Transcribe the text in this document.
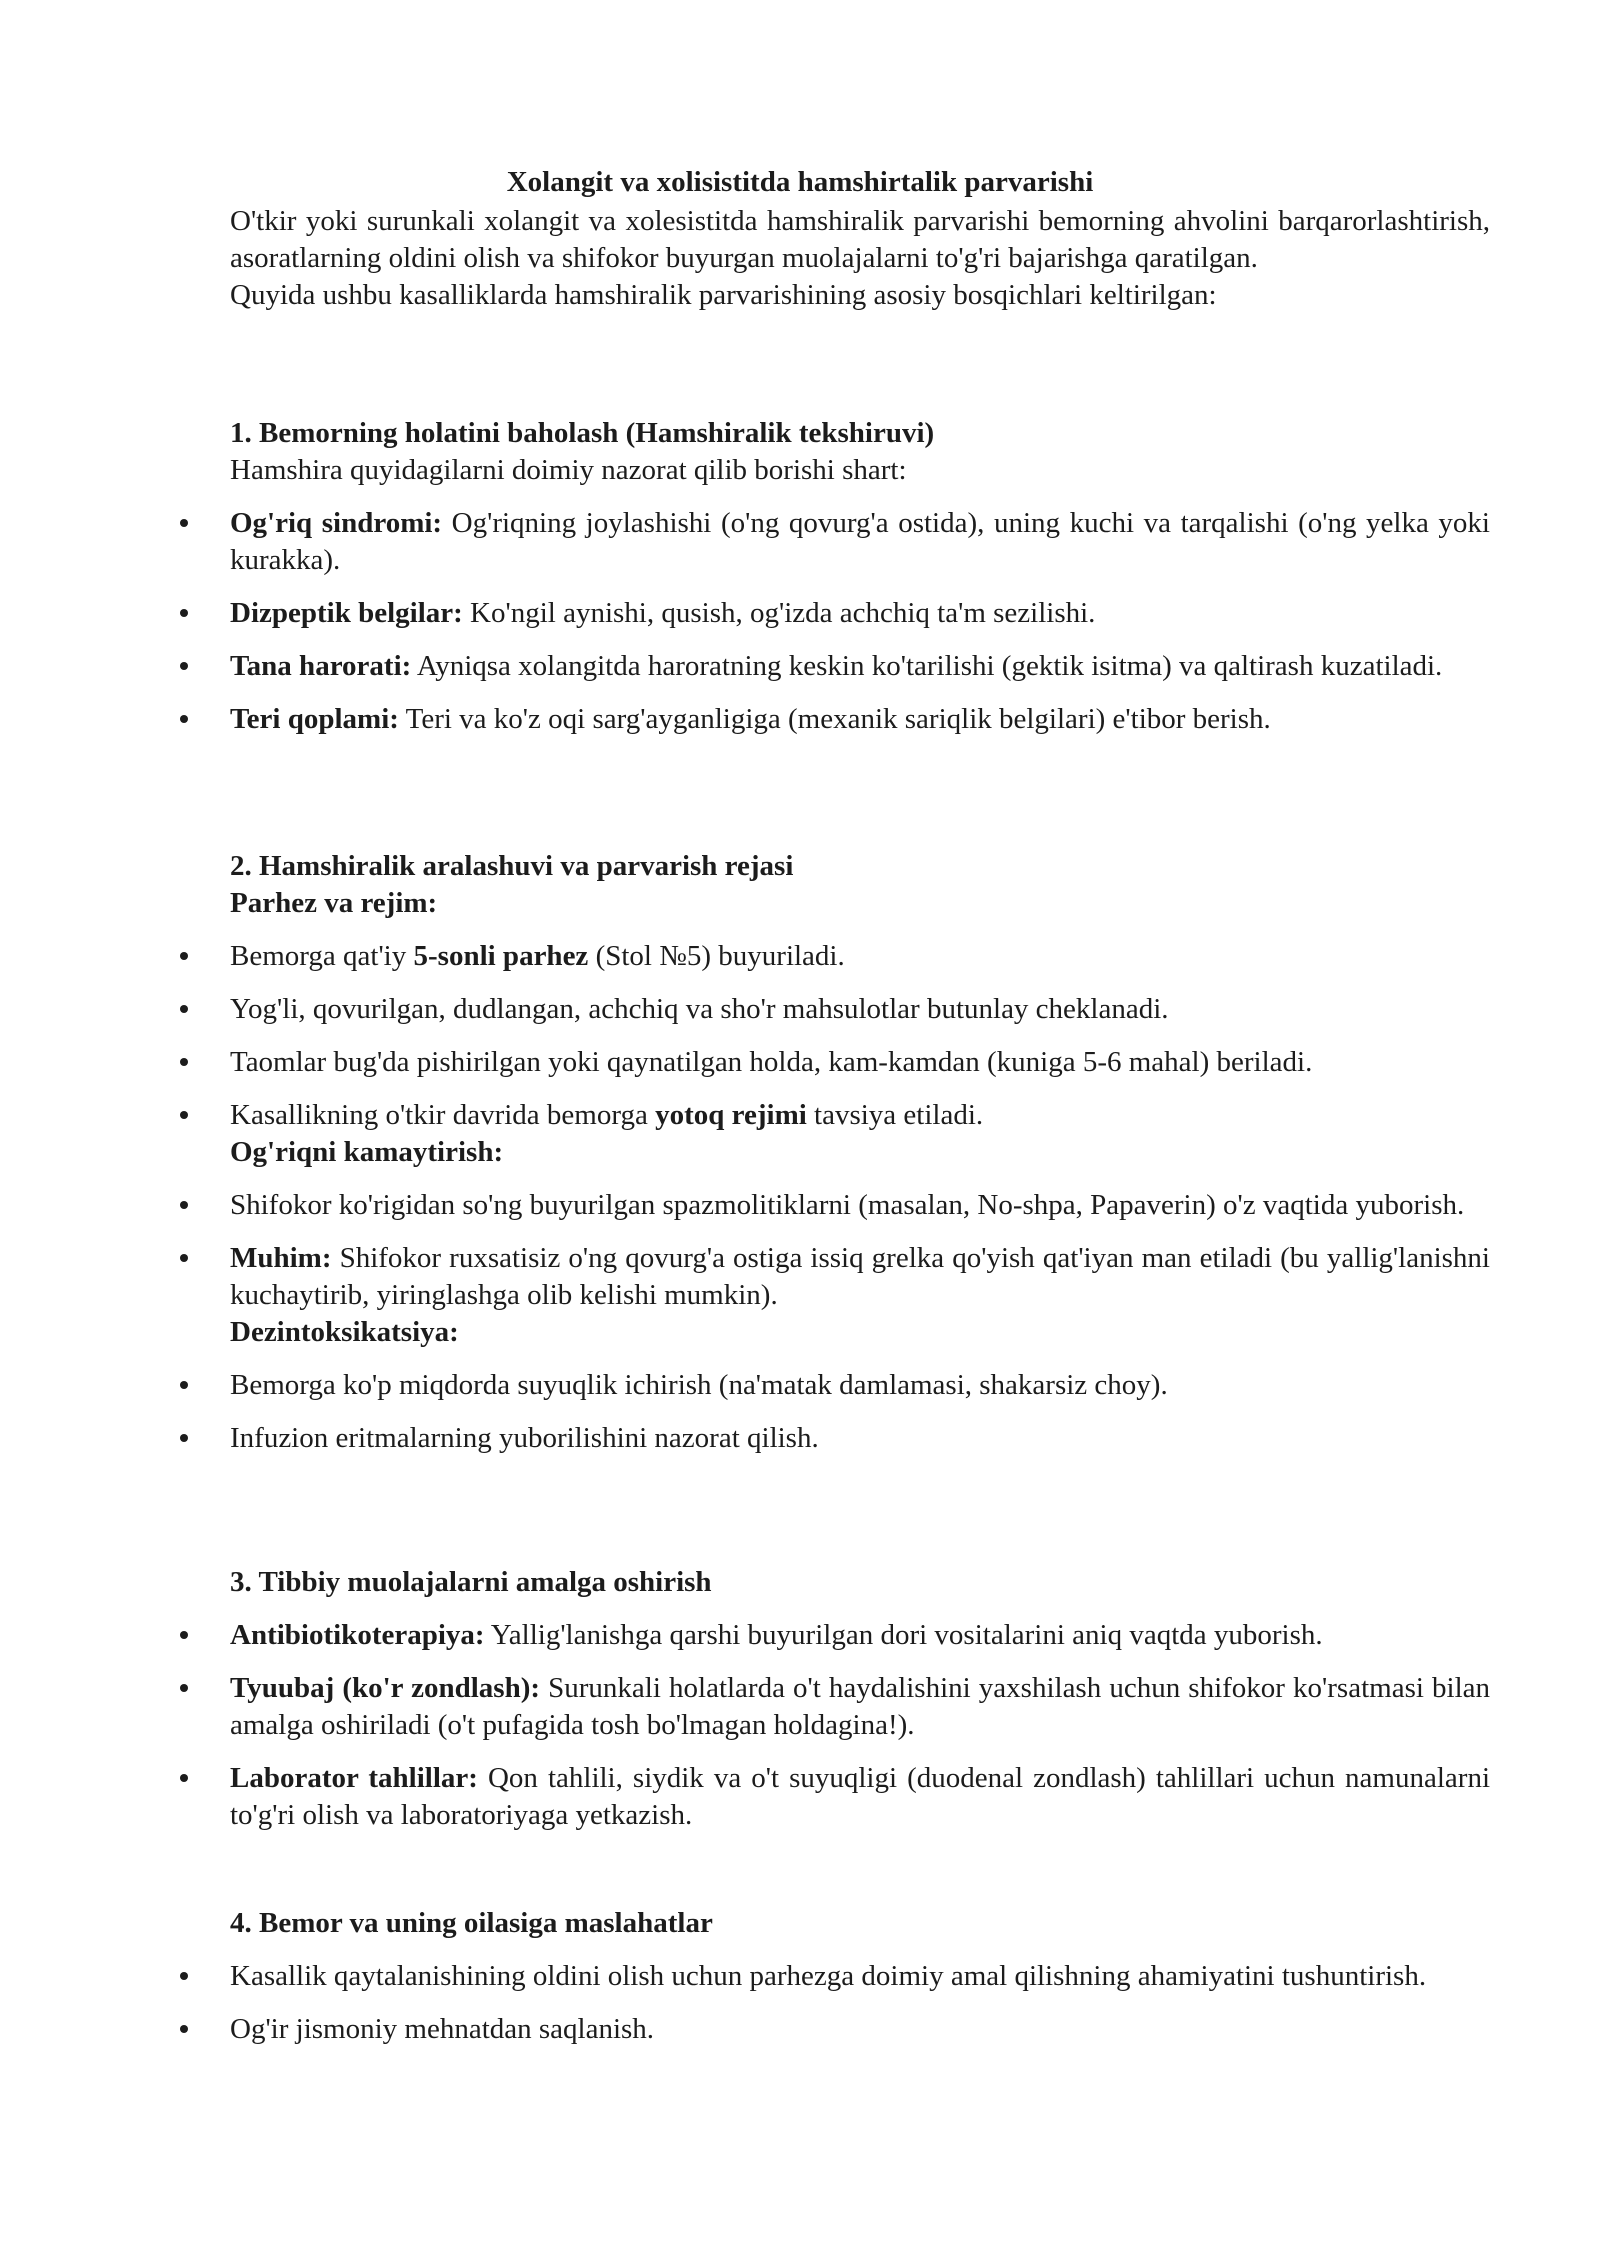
Xolangit va xolisistitda hamshirtalik parvarishi

O'tkir yoki surunkali xolangit va xolesistitda hamshiralik parvarishi bemorning ahvolini barqarorlashtirish, asoratlarning oldini olish va shifokor buyurgan muolajalarni to'g'ri bajarishga qaratilgan.

Quyida ushbu kasalliklarda hamshiralik parvarishining asosiy bosqichlari keltirilgan:

1. Bemorning holatini baholash (Hamshiralik tekshiruvi)

Hamshira quyidagilarni doimiy nazorat qilib borishi shart:

Og'riq sindromi: Og'riqning joylashishi (o'ng qovurg'a ostida), uning kuchi va tarqalishi (o'ng yelka yoki kurakka).
Dizpeptik belgilar: Ko'ngil aynishi, qusish, og'izda achchiq ta'm sezilishi.
Tana harorati: Ayniqsa xolangitda haroratning keskin ko'tarilishi (gektik isitma) va qaltirash kuzatiladi.
Teri qoplami: Teri va ko'z oqi sarg'ayganligiga (mexanik sariqlik belgilari) e'tibor berish.

2. Hamshiralik aralashuvi va parvarish rejasi

Parhez va rejim:

Bemorga qat'iy 5-sonli parhez (Stol №5) buyuriladi.
Yog'li, qovurilgan, dudlangan, achchiq va sho'r mahsulotlar butunlay cheklanadi.
Taomlar bug'da pishirilgan yoki qaynatilgan holda, kam-kamdan (kuniga 5-6 mahal) beriladi.
Kasallikning o'tkir davrida bemorga yotoq rejimi tavsiya etiladi.

Og'riqni kamaytirish:

Shifokor ko'rigidan so'ng buyurilgan spazmolitiklarni (masalan, No-shpa, Papaverin) o'z vaqtida yuborish.
Muhim: Shifokor ruxsatisiz o'ng qovurg'a ostiga issiq grelka qo'yish qat'iyan man etiladi (bu yallig'lanishni kuchaytirib, yiringlashga olib kelishi mumkin).

Dezintoksikatsiya:

Bemorga ko'p miqdorda suyuqlik ichirish (na'matak damlamasi, shakarsiz choy).
Infuzion eritmalarning yuborilishini nazorat qilish.

3. Tibbiy muolajalarni amalga oshirish

Antibiotikoterapiya: Yallig'lanishga qarshi buyurilgan dori vositalarini aniq vaqtda yuborish.
Tyuubaj (ko'r zondlash): Surunkali holatlarda o't haydalishini yaxshilash uchun shifokor ko'rsatmasi bilan amalga oshiriladi (o't pufagida tosh bo'lmagan holdagina!).
Laborator tahlillar: Qon tahlili, siydik va o't suyuqligi (duodenal zondlash) tahlillari uchun namunalarni to'g'ri olish va laboratoriyaga yetkazish.

4. Bemor va uning oilasiga maslahatlar

Kasallik qaytalanishining oldini olish uchun parhezga doimiy amal qilishning ahamiyatini tushuntirish.
Og'ir jismoniy mehnatdan saqlanish.
